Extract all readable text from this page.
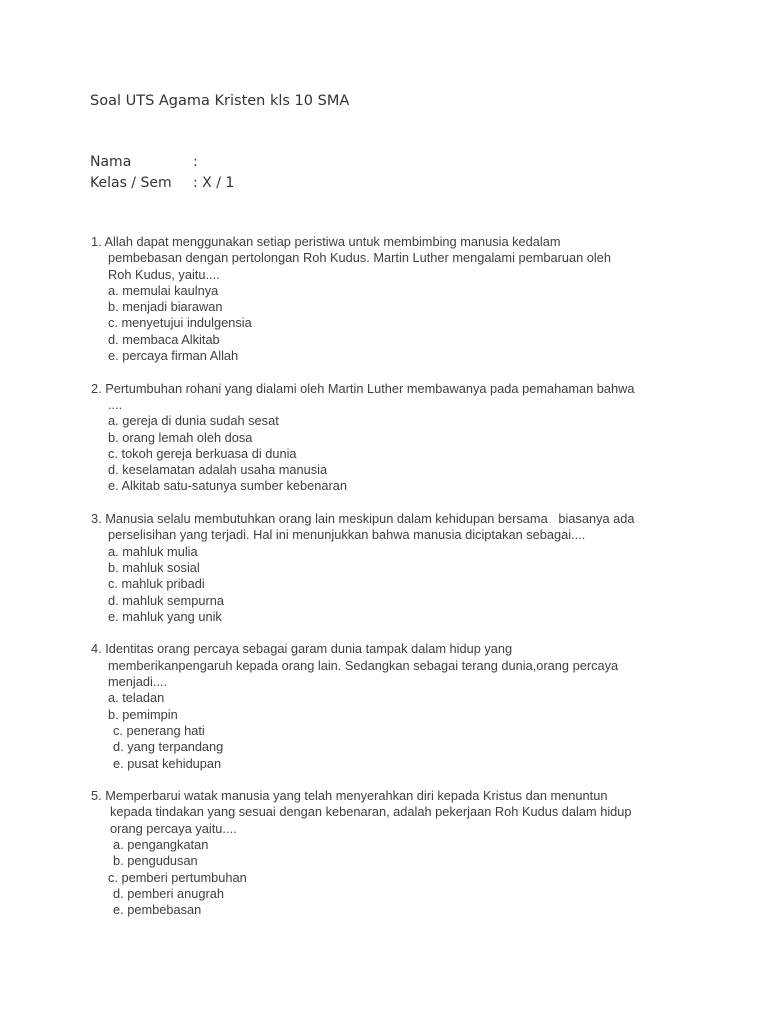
Soal UTS Agama Kristen kls 10 SMA
Nama	:
Kelas / Sem : X / 1
1. Allah dapat menggunakan setiap peristiwa untuk membimbing manusia kedalam
pembebasan dengan pertolongan Roh Kudus. Martin Luther mengalami pembaruan oleh
Roh Kudus, yaitu....
a. memulai kaulnya
b. menjadi biarawan
c. menyetujui indulgensia
d. membaca Alkitab
e. percaya firman Allah
2. Pertumbuhan rohani yang dialami oleh Martin Luther membawanya pada pemahaman bahwa
....
a. gereja di dunia sudah sesat
b. orang lemah oleh dosa
c. tokoh gereja berkuasa di dunia
d. keselamatan adalah usaha manusia
e. Alkitab satu-satunya sumber kebenaran
3. Manusia selalu membutuhkan orang lain meskipun dalam kehidupan bersama   biasanya ada
perselisihan yang terjadi. Hal ini menunjukkan bahwa manusia diciptakan sebagai....
a. mahluk mulia
b. mahluk sosial
c. mahluk pribadi
d. mahluk sempurna
e. mahluk yang unik
4. Identitas orang percaya sebagai garam dunia tampak dalam hidup yang
memberikanpengaruh kepada orang lain. Sedangkan sebagai terang dunia,orang percaya
menjadi....
a. teladan
b. pemimpin
c. penerang hati
d. yang terpandang
e. pusat kehidupan
5. Memperbarui watak manusia yang telah menyerahkan diri kepada Kristus dan menuntun
kepada tindakan yang sesuai dengan kebenaran, adalah pekerjaan Roh Kudus dalam hidup
orang percaya yaitu....
a. pengangkatan
b. pengudusan
c. pemberi pertumbuhan
d. pemberi anugrah
e. pembebasan
